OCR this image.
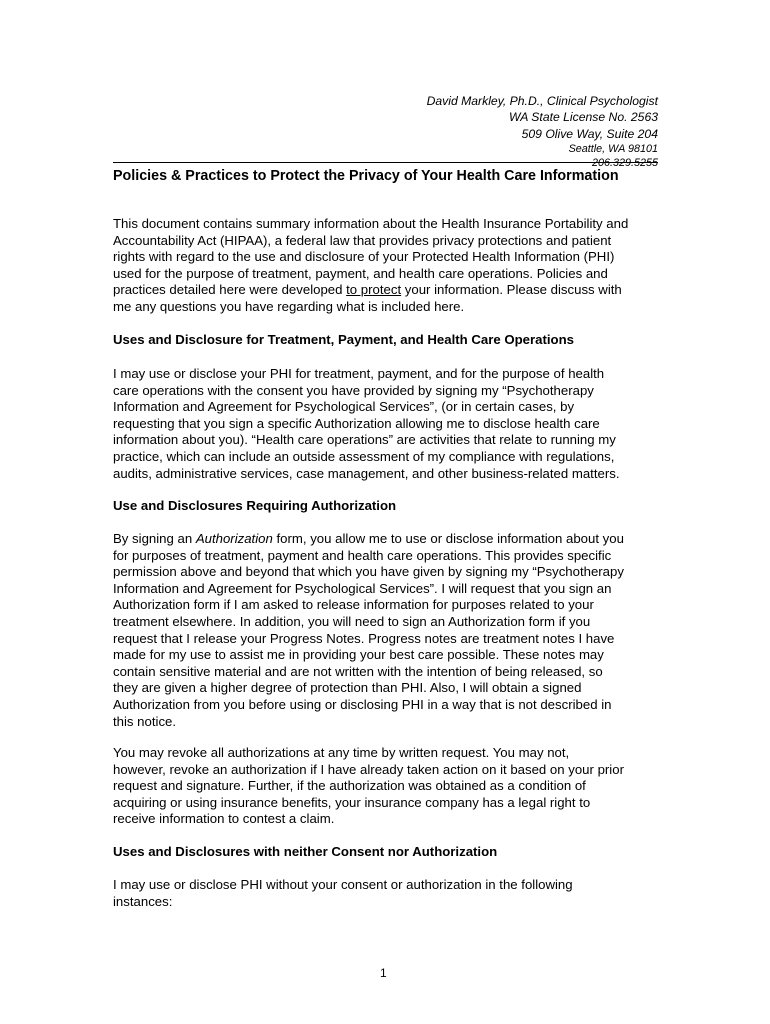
David Markley, Ph.D., Clinical Psychologist
WA State License No. 2563
509 Olive Way, Suite 204
Seattle, WA 98101
Policies & Practices to Protect the Privacy of Your Health Care Information
This document contains summary information about the Health Insurance Portability and
Accountability Act (HIPAA), a federal law that provides privacy protections and patient
rights with regard to the use and disclosure of your Protected Health Information (PHI)
used for the purpose of treatment, payment, and health care operations. Policies and
practices detailed here were developed to protect your information. Please discuss with
me any questions you have regarding what is included here.
Uses and Disclosure for Treatment, Payment, and Health Care Operations
I may use or disclose your PHI for treatment, payment, and for the purpose of health
care operations with the consent you have provided by signing my “Psychotherapy
Information and Agreement for Psychological Services”, (or in certain cases, by
requesting that you sign a specific Authorization allowing me to disclose health care
information about you). “Health care operations” are activities that relate to running my
practice, which can include an outside assessment of my compliance with regulations,
audits, administrative services, case management, and other business-related matters.
Use and Disclosures Requiring Authorization
By signing an Authorization form, you allow me to use or disclose information about you
for purposes of treatment, payment and health care operations. This provides specific
permission above and beyond that which you have given by signing my “Psychotherapy
Information and Agreement for Psychological Services”. I will request that you sign an
Authorization form if I am asked to release information for purposes related to your
treatment elsewhere. In addition, you will need to sign an Authorization form if you
request that I release your Progress Notes. Progress notes are treatment notes I have
made for my use to assist me in providing your best care possible. These notes may
contain sensitive material and are not written with the intention of being released, so
they are given a higher degree of protection than PHI. Also, I will obtain a signed
Authorization from you before using or disclosing PHI in a way that is not described in
this notice.
You may revoke all authorizations at any time by written request. You may not,
however, revoke an authorization if I have already taken action on it based on your prior
request and signature. Further, if the authorization was obtained as a condition of
acquiring or using insurance benefits, your insurance company has a legal right to
receive information to contest a claim.
Uses and Disclosures with neither Consent nor Authorization
I may use or disclose PHI without your consent or authorization in the following
instances:
1
